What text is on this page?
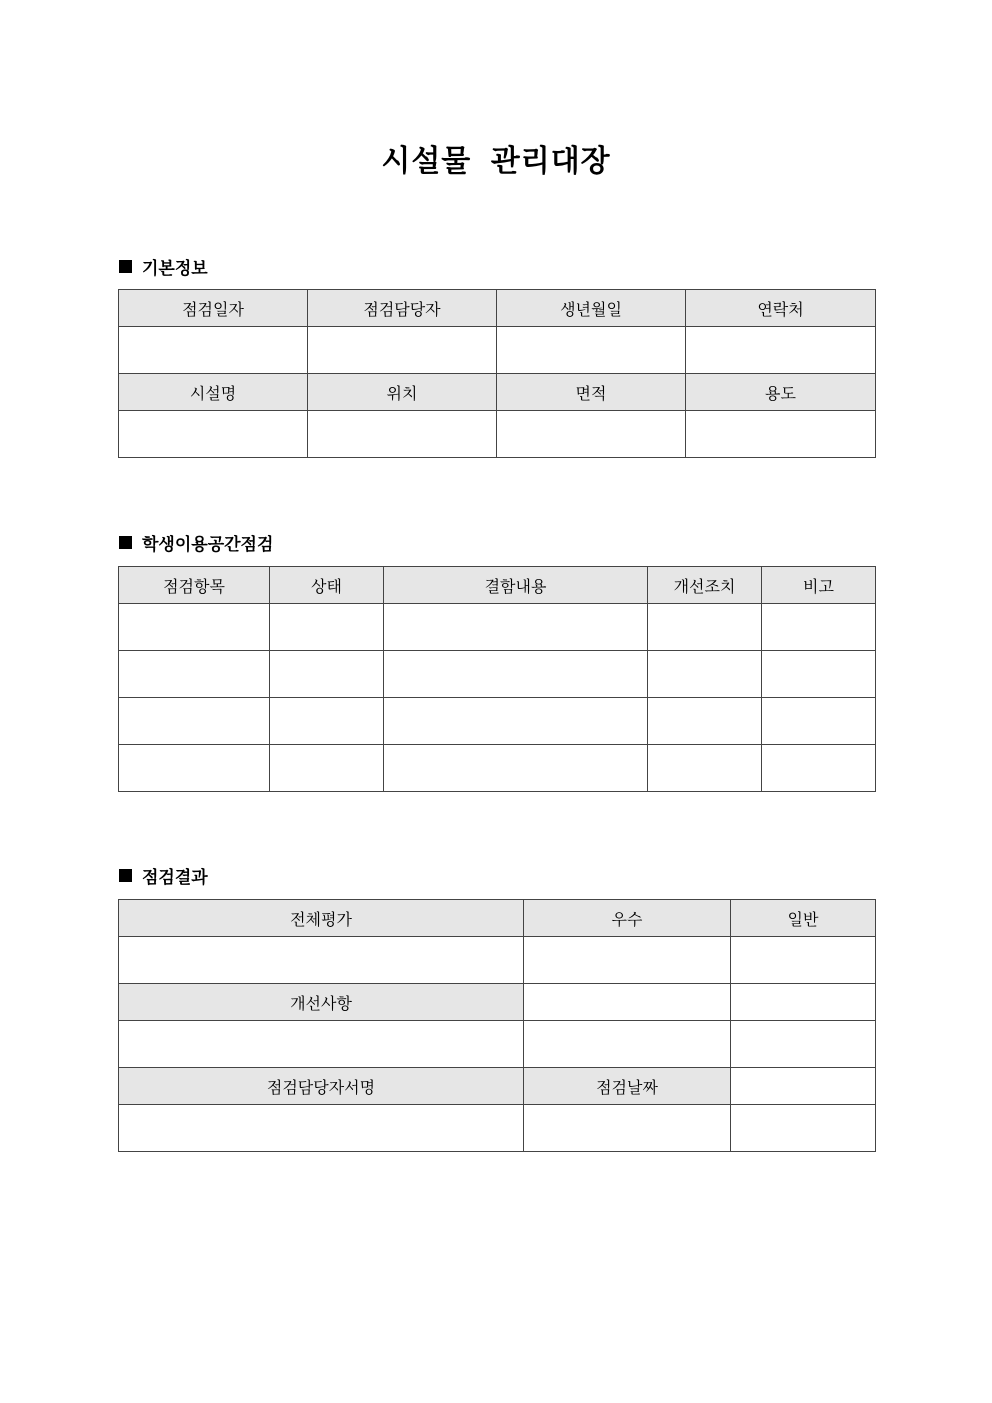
시설물 관리대장
기본정보
점검일자	점검담당자	생년월일	연락처

시설명	위치	면적	용도

학생이용공간점검
점검항목	상태	결함내용	개선조치	비고

점검결과
전체평가	우수	일반

개선사항		

점검담당자서명	점검날짜	
